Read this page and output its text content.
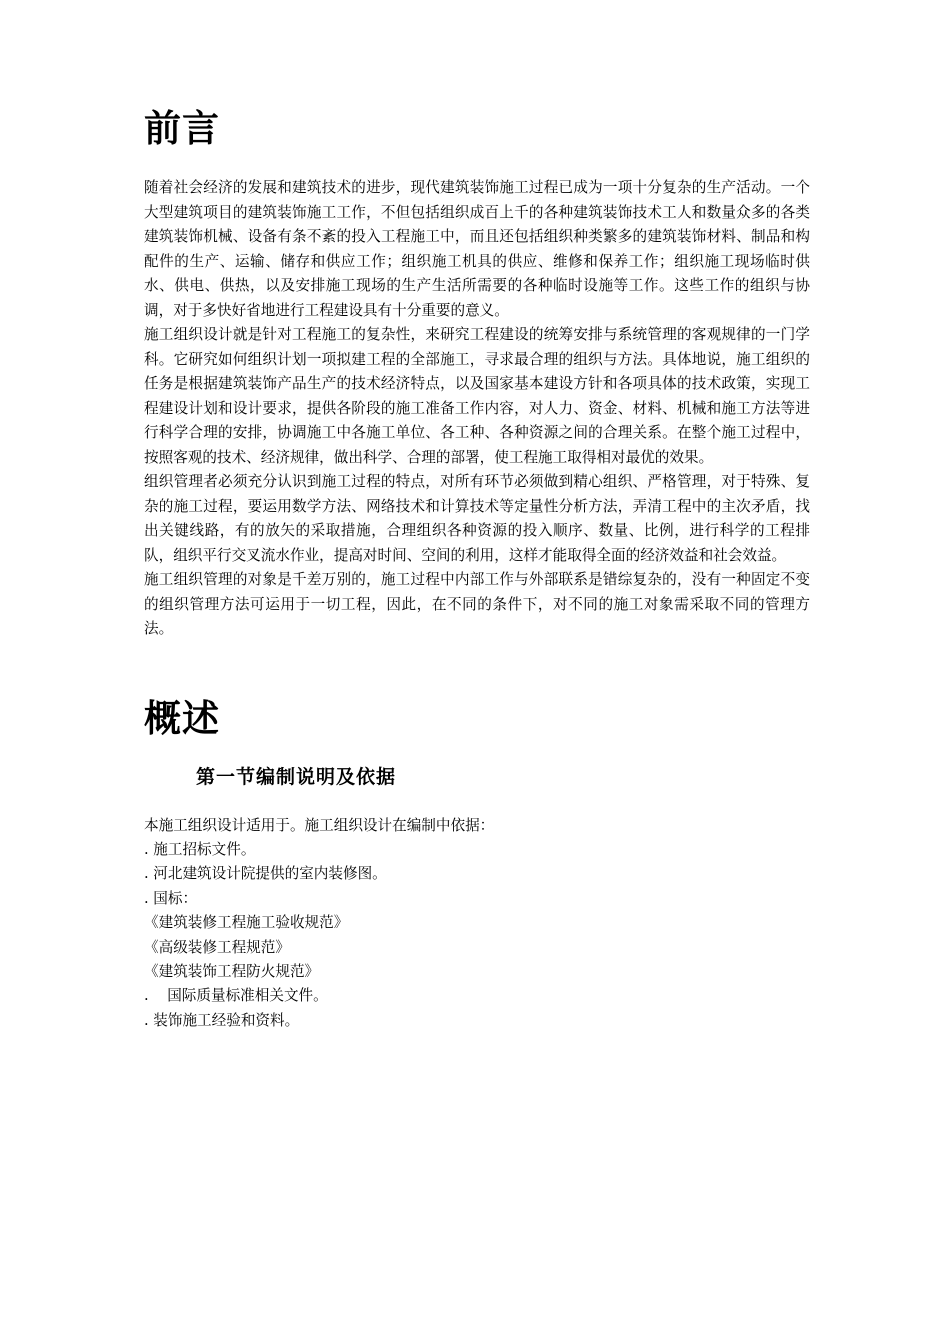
前言

随着社会经济的发展和建筑技术的进步，现代建筑装饰施工过程已成为一项十分复杂的生产活动。一个大型建筑项目的建筑装饰施工工作，不但包括组织成百上千的各种建筑装饰技术工人和数量众多的各类建筑装饰机械、设备有条不紊的投入工程施工中，而且还包括组织种类繁多的建筑装饰材料、制品和构配件的生产、运输、储存和供应工作；组织施工机具的供应、维修和保养工作；组织施工现场临时供水、供电、供热，以及安排施工现场的生产生活所需要的各种临时设施等工作。这些工作的组织与协调，对于多快好省地进行工程建设具有十分重要的意义。

施工组织设计就是针对工程施工的复杂性，来研究工程建设的统筹安排与系统管理的客观规律的一门学科。它研究如何组织计划一项拟建工程的全部施工，寻求最合理的组织与方法。具体地说，施工组织的任务是根据建筑装饰产品生产的技术经济特点，以及国家基本建设方针和各项具体的技术政策，实现工程建设计划和设计要求，提供各阶段的施工准备工作内容，对人力、资金、材料、机械和施工方法等进行科学合理的安排，协调施工中各施工单位、各工种、各种资源之间的合理关系。在整个施工过程中，按照客观的技术、经济规律，做出科学、合理的部署，使工程施工取得相对最优的效果。

组织管理者必须充分认识到施工过程的特点，对所有环节必须做到精心组织、严格管理，对于特殊、复杂的施工过程，要运用数学方法、网络技术和计算技术等定量性分析方法，弄清工程中的主次矛盾，找出关键线路，有的放矢的采取措施，合理组织各种资源的投入顺序、数量、比例，进行科学的工程排队，组织平行交叉流水作业，提高对时间、空间的利用，这样才能取得全面的经济效益和社会效益。

施工组织管理的对象是千差万别的，施工过程中内部工作与外部联系是错综复杂的，没有一种固定不变的组织管理方法可运用于一切工程，因此，在不同的条件下，对不同的施工对象需采取不同的管理方法。

概述
第一节编制说明及依据

本施工组织设计适用于。施工组织设计在编制中依据：

. 施工招标文件。
. 河北建筑设计院提供的室内装修图。
. 国标：
《建筑装修工程施工验收规范》
《高级装修工程规范》
《建筑装饰工程防火规范》
.    国际质量标准相关文件。
. 装饰施工经验和资料。
